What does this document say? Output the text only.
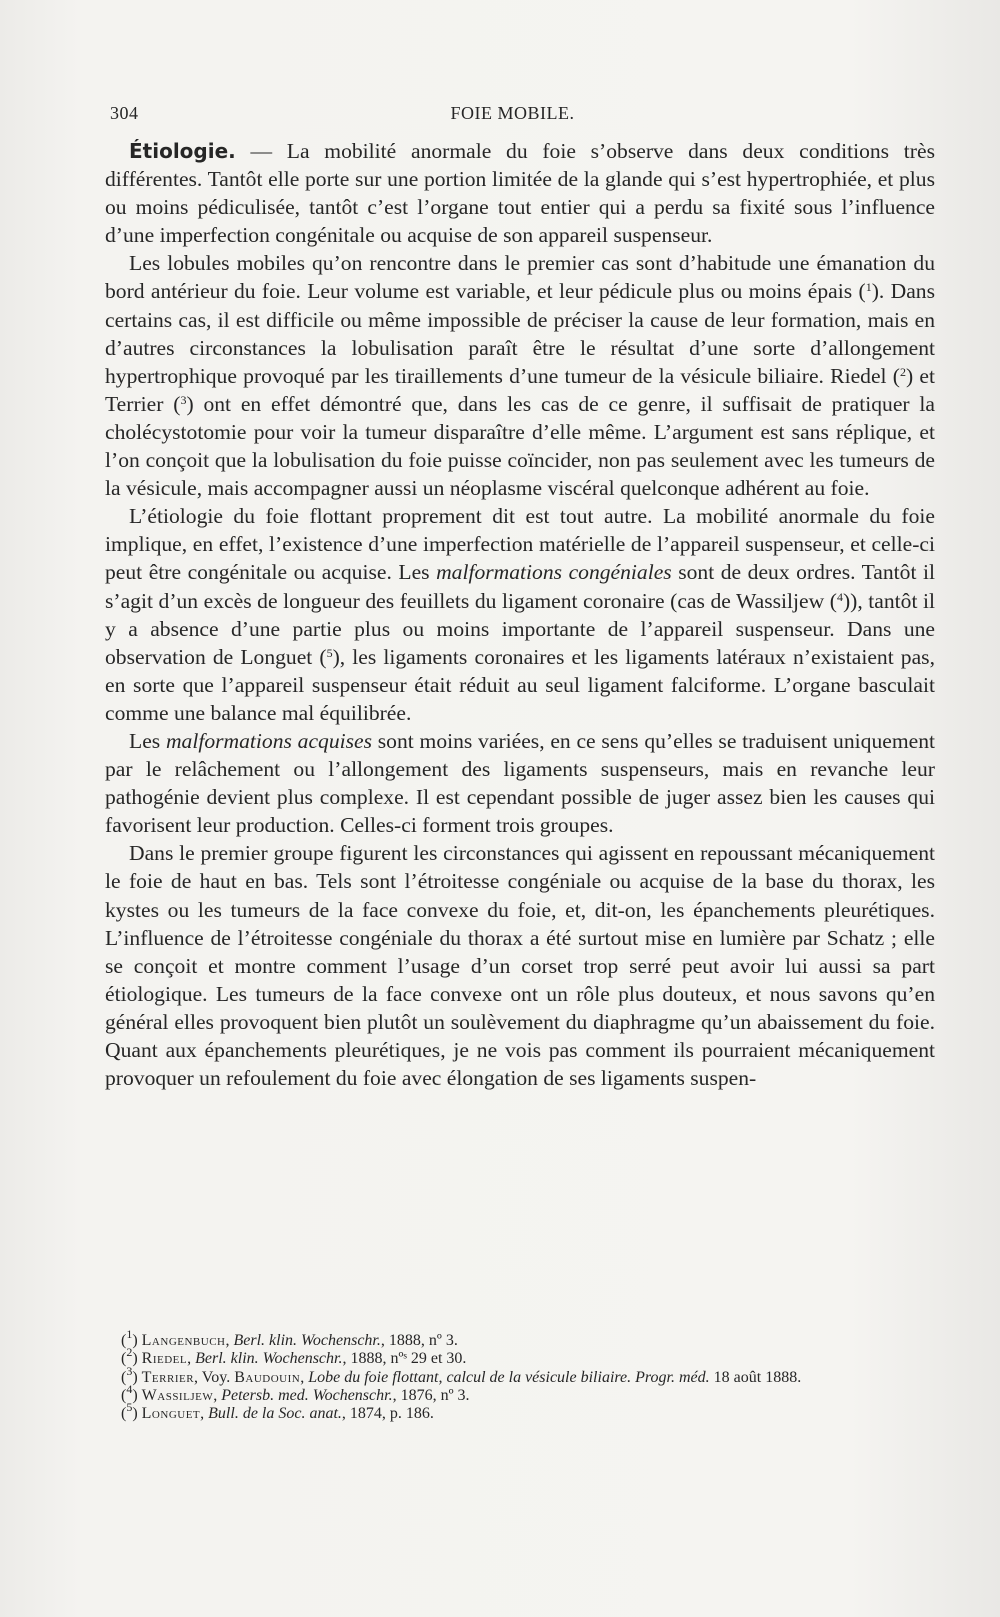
304	FOIE MOBILE.

Étiologie. — La mobilité anormale du foie s’observe dans deux conditions très différentes. Tantôt elle porte sur une portion limitée de la glande qui s’est hypertrophiée, et plus ou moins pédiculisée, tantôt c’est l’organe tout entier qui a perdu sa fixité sous l’influence d’une imperfection congénitale ou acquise de son appareil suspenseur.

Les lobules mobiles qu’on rencontre dans le premier cas sont d’habitude une émanation du bord antérieur du foie. Leur volume est variable, et leur pédicule plus ou moins épais ($^1$). Dans certains cas, il est difficile ou même impossible de préciser la cause de leur formation, mais en d’autres circonstances la lobulisation paraît être le résultat d’une sorte d’allongement hypertrophique provoqué par les tiraillements d’une tumeur de la vésicule biliaire. Riedel ($^2$) et Terrier ($^3$) ont en effet démontré que, dans les cas de ce genre, il suffisait de pratiquer la cholécystotomie pour voir la tumeur disparaître d’elle même. L’argument est sans réplique, et l’on conçoit que la lobulisation du foie puisse coïncider, non pas seulement avec les tumeurs de la vésicule, mais accompagner aussi un néoplasme viscéral quelconque adhérent au foie.

L’étiologie du foie flottant proprement dit est tout autre. La mobilité anormale du foie implique, en effet, l’existence d’une imperfection matérielle de l’appareil suspenseur, et celle-ci peut être congénitale ou acquise. Les malformations congéniales sont de deux ordres. Tantôt il s’agit d’un excès de longueur des feuillets du ligament coronaire (cas de Wassiljew ($^4$)), tantôt il y a absence d’une partie plus ou moins importante de l’appareil suspenseur. Dans une observation de Longuet ($^5$), les ligaments coronaires et les ligaments latéraux n’existaient pas, en sorte que l’appareil suspenseur était réduit au seul ligament falciforme. L’organe basculait comme une balance mal équilibrée.

Les malformations acquises sont moins variées, en ce sens qu’elles se traduisent uniquement par le relâchement ou l’allongement des ligaments suspenseurs, mais en revanche leur pathogénie devient plus complexe. Il est cependant possible de juger assez bien les causes qui favorisent leur production. Celles-ci forment trois groupes.

Dans le premier groupe figurent les circonstances qui agissent en repoussant mécaniquement le foie de haut en bas. Tels sont l’étroitesse congéniale ou acquise de la base du thorax, les kystes ou les tumeurs de la face convexe du foie, et, dit-on, les épanchements pleurétiques. L’influence de l’étroitesse congéniale du thorax a été surtout mise en lumière par Schatz ; elle se conçoit et montre comment l’usage d’un corset trop serré peut avoir lui aussi sa part étiologique. Les tumeurs de la face convexe ont un rôle plus douteux, et nous savons qu’en général elles provoquent bien plutôt un soulèvement du diaphragme qu’un abaissement du foie. Quant aux épanchements pleurétiques, je ne vois pas comment ils pourraient mécaniquement provoquer un refoulement du foie avec élongation de ses ligaments suspen-

($^1$) Langenbuch, Berl. klin. Wochenschr., 1888, nº 3.

($^2$) Riedel, Berl. klin. Wochenschr., 1888, nºˢ 29 et 30.

($^3$) Terrier, Voy. Baudouin, Lobe du foie flottant, calcul de la vésicule biliaire. Progr. méd. 18 août 1888.

($^4$) Wassiljew, Petersb. med. Wochenschr., 1876, nº 3.

($^5$) Longuet, Bull. de la Soc. anat., 1874, p. 186.
